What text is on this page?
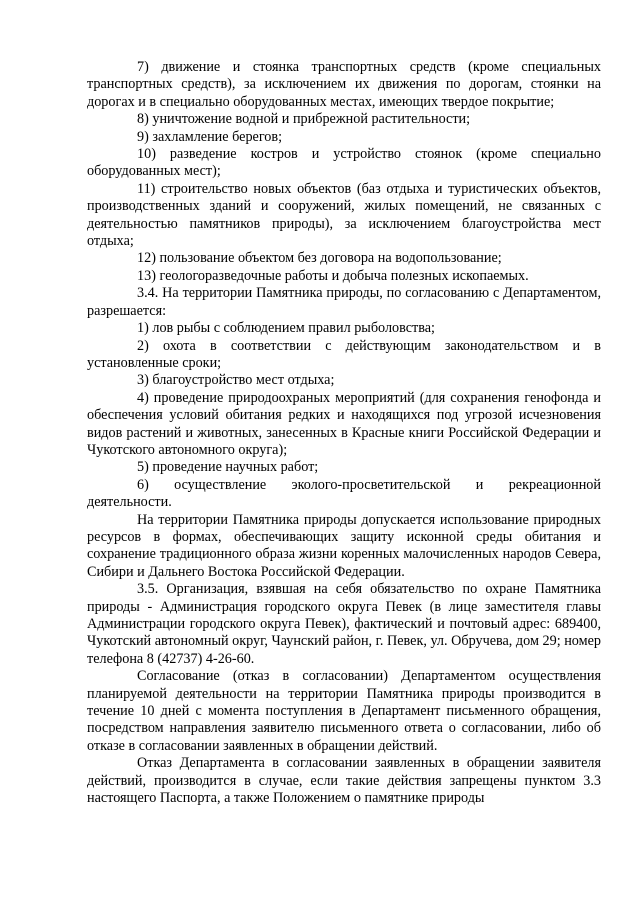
7) движение и стоянка транспортных средств (кроме специальных транспортных средств), за исключением их движения по дорогам, стоянки на дорогах и в специально оборудованных местах, имеющих твердое покрытие;

8) уничтожение водной и прибрежной растительности;

9) захламление берегов;

10) разведение костров и устройство стоянок (кроме специально оборудованных мест);

11) строительство новых объектов (баз отдыха и туристических объектов, производственных зданий и сооружений, жилых помещений, не связанных с деятельностью памятников природы), за исключением благоустройства мест отдыха;

12) пользование объектом без договора на водопользование;

13) геологоразведочные работы и добыча полезных ископаемых.

3.4. На территории Памятника природы, по согласованию с Департаментом, разрешается:

1) лов рыбы с соблюдением правил рыболовства;

2) охота в соответствии с действующим законодательством и в установленные сроки;

3) благоустройство мест отдыха;

4) проведение природоохраных мероприятий (для сохранения генофонда и обеспечения условий обитания редких и находящихся под угрозой исчезновения видов растений и животных, занесенных в Красные книги Российской Федерации и Чукотского автономного округа);

5) проведение научных работ;

6) осуществление эколого-просветительской и рекреационной деятельности.

На территории Памятника природы допускается использование природных ресурсов в формах, обеспечивающих защиту исконной среды обитания и сохранение традиционного образа жизни коренных малочисленных народов Севера, Сибири и Дальнего Востока Российской Федерации.

3.5. Организация, взявшая на себя обязательство по охране Памятника природы - Администрация городского округа Певек (в лице заместителя главы Администрации городского округа Певек), фактический и почтовый адрес: 689400, Чукотский автономный округ, Чаунский район, г. Певек, ул. Обручева, дом 29; номер телефона 8 (42737) 4-26-60.

Согласование (отказ в согласовании) Департаментом осуществления планируемой деятельности на территории Памятника природы производится в течение 10 дней с момента поступления в Департамент письменного обращения, посредством направления заявителю письменного ответа о согласовании, либо об отказе в согласовании заявленных в обращении действий.

Отказ Департамента в согласовании заявленных в обращении заявителя действий, производится в случае, если такие действия запрещены пунктом 3.3 настоящего Паспорта, а также Положением о памятнике природы
